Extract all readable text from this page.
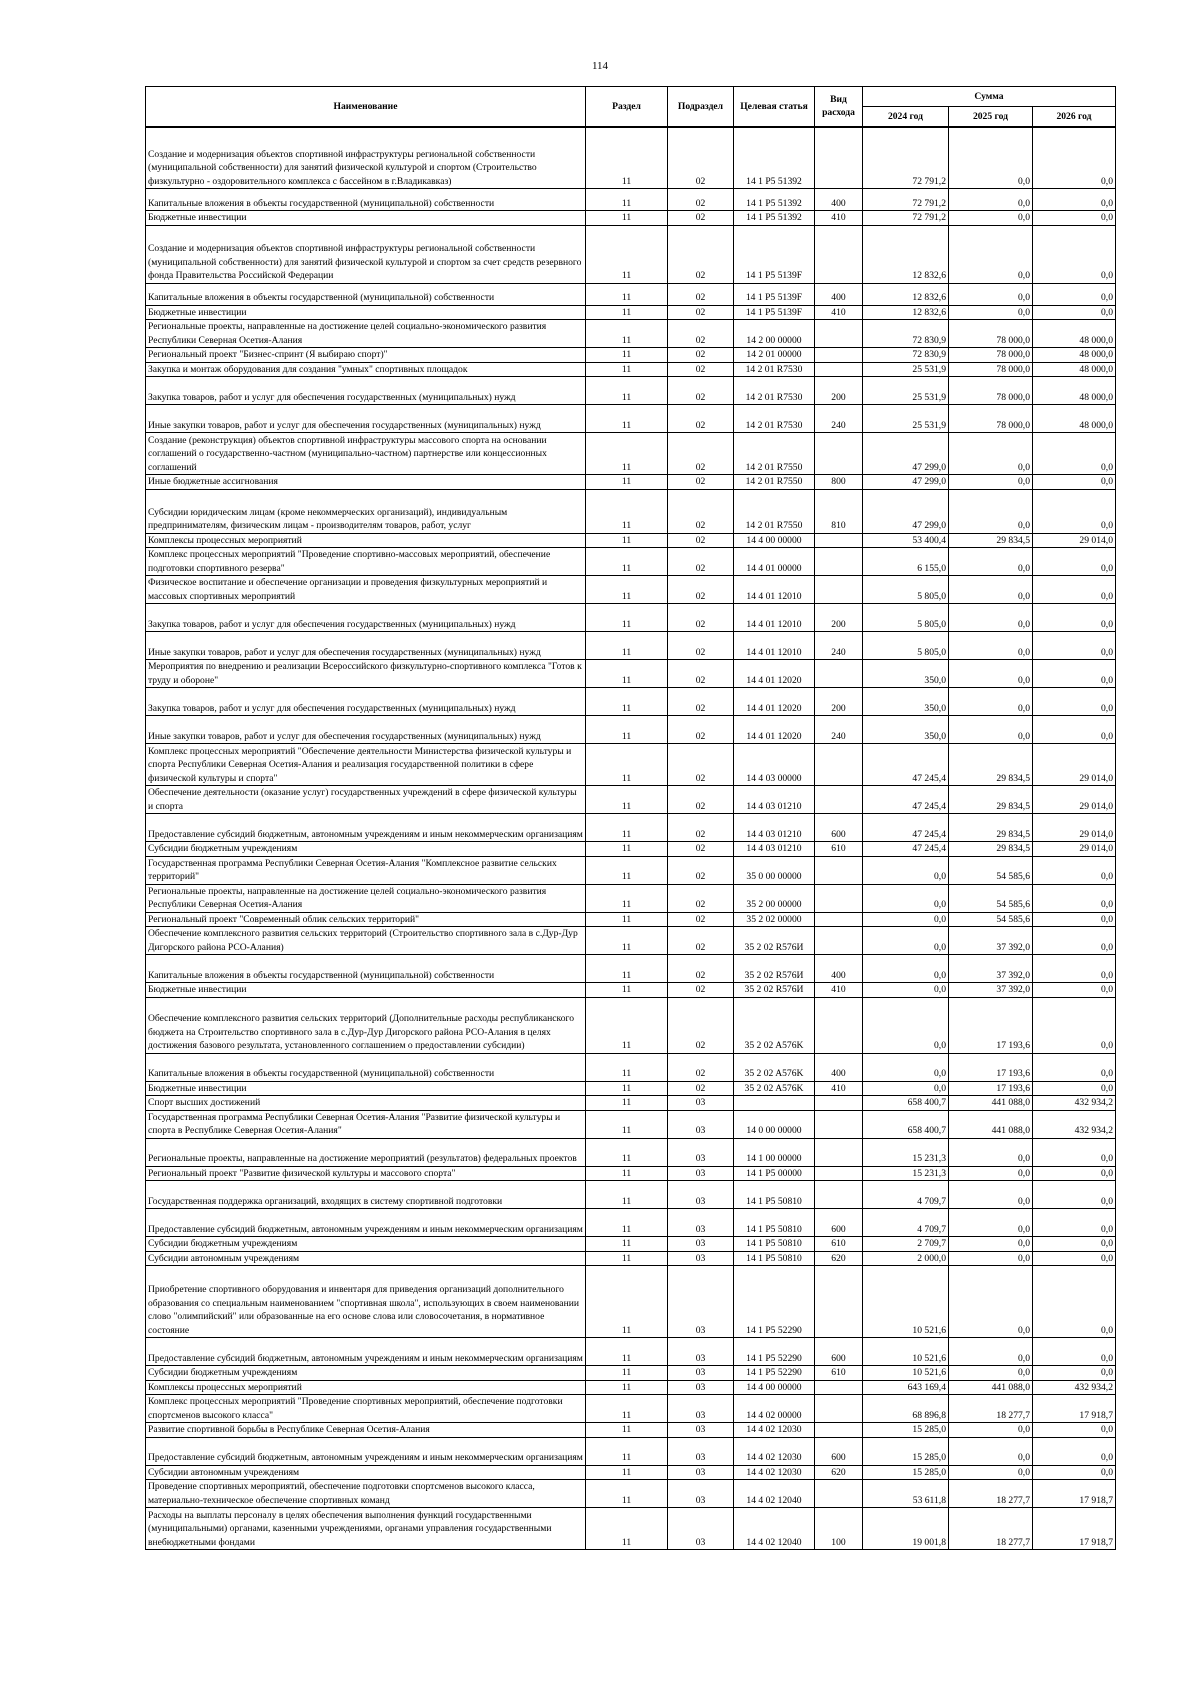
114
Наименование	Раздел	Подраздел	Целевая статья	Вид расхода	Сумма		
					2024 год	2025 год	2026 год
Создание и модернизация объектов спортивной инфраструктуры региональной собственности (муниципальной собственности) для занятий физической культурой и спортом (Строительство физкультурно - оздоровительного комплекса с бассейном в г.Владикавказ)	11	02	14 1 P5 51392		72 791,2	0,0	0,0
Капитальные вложения в объекты государственной (муниципальной) собственности	11	02	14 1 P5 51392	400	72 791,2	0,0	0,0
Бюджетные инвестиции	11	02	14 1 P5 51392	410	72 791,2	0,0	0,0
Создание и модернизация объектов спортивной инфраструктуры региональной собственности (муниципальной собственности) для занятий физической культурой и спортом за счет средств резервного фонда Правительства Российской Федерации	11	02	14 1 P5 5139F		12 832,6	0,0	0,0
Капитальные вложения в объекты государственной (муниципальной) собственности	11	02	14 1 P5 5139F	400	12 832,6	0,0	0,0
Бюджетные инвестиции	11	02	14 1 P5 5139F	410	12 832,6	0,0	0,0
Региональные проекты, направленные на достижение целей социально-экономического развития Республики Северная Осетия-Алания	11	02	14 2 00 00000		72 830,9	78 000,0	48 000,0
Региональный проект "Бизнес-спринт (Я выбираю спорт)"	11	02	14 2 01 00000		72 830,9	78 000,0	48 000,0
Закупка и монтаж оборудования для создания "умных" спортивных площадок	11	02	14 2 01 R7530		25 531,9	78 000,0	48 000,0
Закупка товаров, работ и услуг для обеспечения государственных (муниципальных) нужд	11	02	14 2 01 R7530	200	25 531,9	78 000,0	48 000,0
Иные закупки товаров, работ и услуг для обеспечения государственных (муниципальных) нужд	11	02	14 2 01 R7530	240	25 531,9	78 000,0	48 000,0
Создание (реконструкция) объектов спортивной инфраструктуры массового спорта на основании соглашений о государственно-частном (муниципально-частном) партнерстве или концессионных соглашений	11	02	14 2 01 R7550		47 299,0	0,0	0,0
Иные бюджетные ассигнования	11	02	14 2 01 R7550	800	47 299,0	0,0	0,0
Субсидии юридическим лицам (кроме некоммерческих организаций), индивидуальным предпринимателям, физическим лицам - производителям товаров, работ, услуг	11	02	14 2 01 R7550	810	47 299,0	0,0	0,0
Комплексы процессных мероприятий	11	02	14 4 00 00000		53 400,4	29 834,5	29 014,0
Комплекс процессных мероприятий "Проведение спортивно-массовых мероприятий, обеспечение подготовки спортивного резерва"	11	02	14 4 01 00000		6 155,0	0,0	0,0
Физическое воспитание и обеспечение организации и проведения физкультурных мероприятий и массовых спортивных мероприятий	11	02	14 4 01 12010		5 805,0	0,0	0,0
Закупка товаров, работ и услуг для обеспечения государственных (муниципальных) нужд	11	02	14 4 01 12010	200	5 805,0	0,0	0,0
Иные закупки товаров, работ и услуг для обеспечения государственных (муниципальных) нужд	11	02	14 4 01 12010	240	5 805,0	0,0	0,0
Мероприятия по внедрению и реализации Всероссийского физкультурно-спортивного комплекса "Готов к труду и обороне"	11	02	14 4 01 12020		350,0	0,0	0,0
Закупка товаров, работ и услуг для обеспечения государственных (муниципальных) нужд	11	02	14 4 01 12020	200	350,0	0,0	0,0
Иные закупки товаров, работ и услуг для обеспечения государственных (муниципальных) нужд	11	02	14 4 01 12020	240	350,0	0,0	0,0
Комплекс процессных мероприятий "Обеспечение деятельности Министерства физической культуры и спорта Республики Северная Осетия-Алания и реализация государственной политики в сфере физической культуры и спорта"	11	02	14 4 03 00000		47 245,4	29 834,5	29 014,0
Обеспечение деятельности (оказание услуг) государственных учреждений в сфере физической культуры и спорта	11	02	14 4 03 01210		47 245,4	29 834,5	29 014,0
Предоставление субсидий бюджетным, автономным учреждениям и иным некоммерческим организациям	11	02	14 4 03 01210	600	47 245,4	29 834,5	29 014,0
Субсидии бюджетным учреждениям	11	02	14 4 03 01210	610	47 245,4	29 834,5	29 014,0
Государственная программа Республики Северная Осетия-Алания "Комплексное развитие сельских территорий"	11	02	35 0 00 00000		0,0	54 585,6	0,0
Региональные проекты, направленные на достижение целей социально-экономического развития Республики Северная Осетия-Алания	11	02	35 2 00 00000		0,0	54 585,6	0,0
Региональный проект "Современный облик сельских территорий"	11	02	35 2 02 00000		0,0	54 585,6	0,0
Обеспечение комплексного развития сельских территорий (Строительство спортивного зала в с.Дур-Дур Дигорского района РСО-Алания)	11	02	35 2 02 R576И		0,0	37 392,0	0,0
Капитальные вложения в объекты государственной (муниципальной) собственности	11	02	35 2 02 R576И	400	0,0	37 392,0	0,0
Бюджетные инвестиции	11	02	35 2 02 R576И	410	0,0	37 392,0	0,0
Обеспечение комплексного развития сельских территорий (Дополнительные расходы республиканского бюджета на Строительство спортивного зала в с.Дур-Дур Дигорского района РСО-Алания в целях достижения базового результата, установленного соглашением о предоставлении субсидии)	11	02	35 2 02 A576K		0,0	17 193,6	0,0
Капитальные вложения в объекты государственной (муниципальной) собственности	11	02	35 2 02 A576K	400	0,0	17 193,6	0,0
Бюджетные инвестиции	11	02	35 2 02 A576K	410	0,0	17 193,6	0,0
Спорт высших достижений	11	03			658 400,7	441 088,0	432 934,2
Государственная программа Республики Северная Осетия-Алания "Развитие физической культуры и спорта в Республике Северная Осетия-Алания"	11	03	14 0 00 00000		658 400,7	441 088,0	432 934,2
Региональные проекты, направленные на достижение мероприятий (результатов) федеральных проектов	11	03	14 1 00 00000		15 231,3	0,0	0,0
Региональный проект "Развитие физической культуры и массового спорта"	11	03	14 1 P5 00000		15 231,3	0,0	0,0
Государственная поддержка организаций, входящих в систему спортивной подготовки	11	03	14 1 P5 50810		4 709,7	0,0	0,0
Предоставление субсидий бюджетным, автономным учреждениям и иным некоммерческим организациям	11	03	14 1 P5 50810	600	4 709,7	0,0	0,0
Субсидии бюджетным учреждениям	11	03	14 1 P5 50810	610	2 709,7	0,0	0,0
Субсидии автономным учреждениям	11	03	14 1 P5 50810	620	2 000,0	0,0	0,0
Приобретение спортивного оборудования и инвентаря для приведения организаций дополнительного образования со специальным наименованием "спортивная школа", использующих в своем наименовании слово "олимпийский" или образованные на его основе слова или словосочетания, в нормативное состояние	11	03	14 1 P5 52290		10 521,6	0,0	0,0
Предоставление субсидий бюджетным, автономным учреждениям и иным некоммерческим организациям	11	03	14 1 P5 52290	600	10 521,6	0,0	0,0
Субсидии бюджетным учреждениям	11	03	14 1 P5 52290	610	10 521,6	0,0	0,0
Комплексы процессных мероприятий	11	03	14 4 00 00000		643 169,4	441 088,0	432 934,2
Комплекс процессных мероприятий "Проведение спортивных мероприятий, обеспечение подготовки спортсменов высокого класса"	11	03	14 4 02 00000		68 896,8	18 277,7	17 918,7
Развитие спортивной борьбы в Республике Северная Осетия-Алания	11	03	14 4 02 12030		15 285,0	0,0	0,0
Предоставление субсидий бюджетным, автономным учреждениям и иным некоммерческим организациям	11	03	14 4 02 12030	600	15 285,0	0,0	0,0
Субсидии автономным учреждениям	11	03	14 4 02 12030	620	15 285,0	0,0	0,0
Проведение спортивных мероприятий, обеспечение подготовки спортсменов высокого класса, материально-техническое обеспечение спортивных команд	11	03	14 4 02 12040		53 611,8	18 277,7	17 918,7
Расходы на выплаты персоналу в целях обеспечения выполнения функций государственными (муниципальными) органами, казенными учреждениями, органами управления государственными внебюджетными фондами	11	03	14 4 02 12040	100	19 001,8	18 277,7	17 918,7
